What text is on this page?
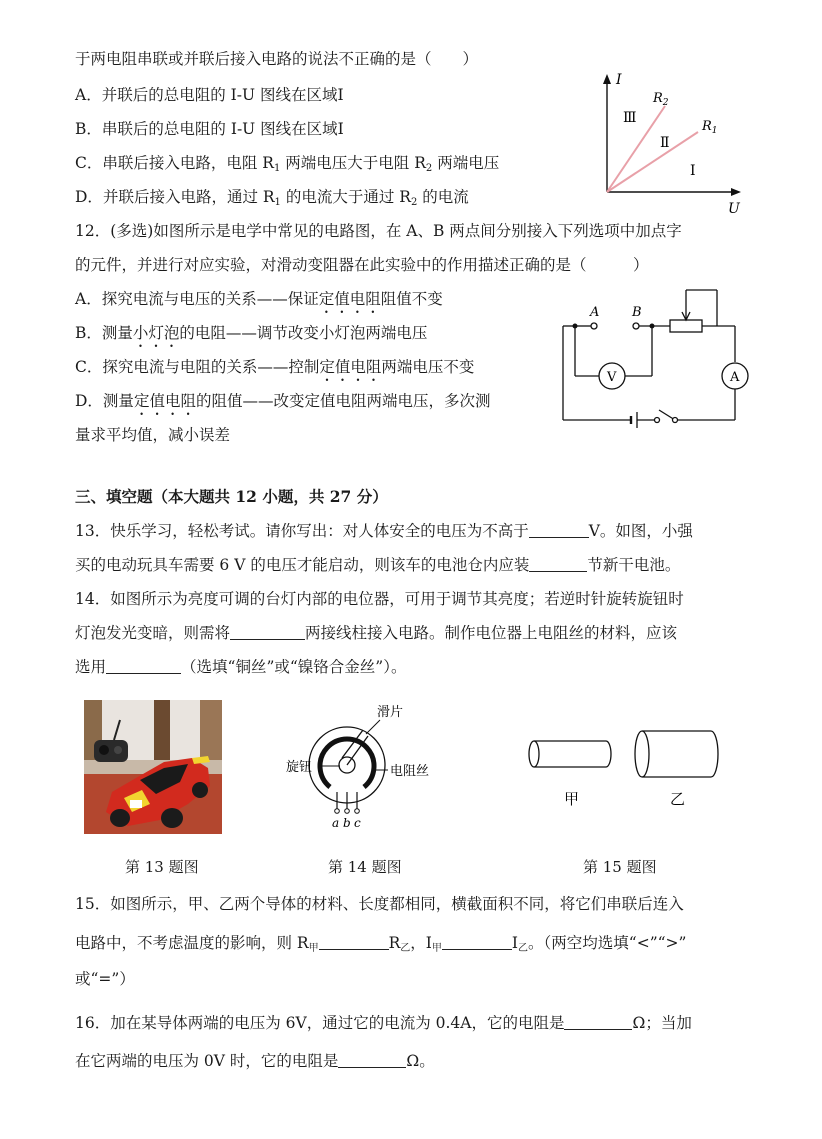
于两电阻串联或并联后接入电路的说法不正确的是（　　）
A．并联后的总电阻的 I-U 图线在区域Ⅰ
B．串联后的总电阻的 I-U 图线在区域Ⅰ
C．串联后接入电路，电阻 $R_1$ 两端电压大于电阻 $R_2$ 两端电压
D．并联后接入电路，通过 $R_1$ 的电流大于通过 $R_2$ 的电流
I
U
$R_2$
$R_1$
Ⅲ
Ⅱ
Ⅰ
12．(多选)如图所示是电学中常见的电路图，在 A、B 两点间分别接入下列选项中加点字
的元件，并进行对应实验，对滑动变阻器在此实验中的作用描述正确的是（　　　）
A．探究电流与电压的关系——保证定值电阻阻值不变
B．测量小灯泡的电阻——调节改变小灯泡两端电压
C．探究电流与电阻的关系——控制定值电阻两端电压不变
D．测量定值电阻的阻值——改变定值电阻两端电压，多次测
量求平均值，减小误差
A	B
V	A
三、填空题（本大题共 12 小题，共 27 分）
13．快乐学习，轻松考试。请你写出：对人体安全的电压为不高于	V。如图，小强
买的电动玩具车需要 6 V 的电压才能启动，则该车的电池仓内应装	节新干电池。
14．如图所示为亮度可调的台灯内部的电位器，可用于调节其亮度；若逆时针旋转旋钮时
灯泡发光变暗，则需将	两接线柱接入电路。制作电位器上电阻丝的材料，应该
选用	（选填“铜丝”或“镍铬合金丝”）。
滑片
旋钮	电阻丝
a b c
甲	乙
第 13 题图	第 14 题图	第 15 题图
15．如图所示，甲、乙两个导体的材料、长度都相同，横截面积不同，将它们串联后连入
电路中，不考虑温度的影响，则 $R_甲$	$R_乙$，$I_甲$	$I_乙$。（两空均选填“<”“>”
或“=”）
16．加在某导体两端的电压为 6V，通过它的电流为 0.4A，它的电阻是	Ω；当加
在它两端的电压为 0V 时，它的电阻是	Ω。
